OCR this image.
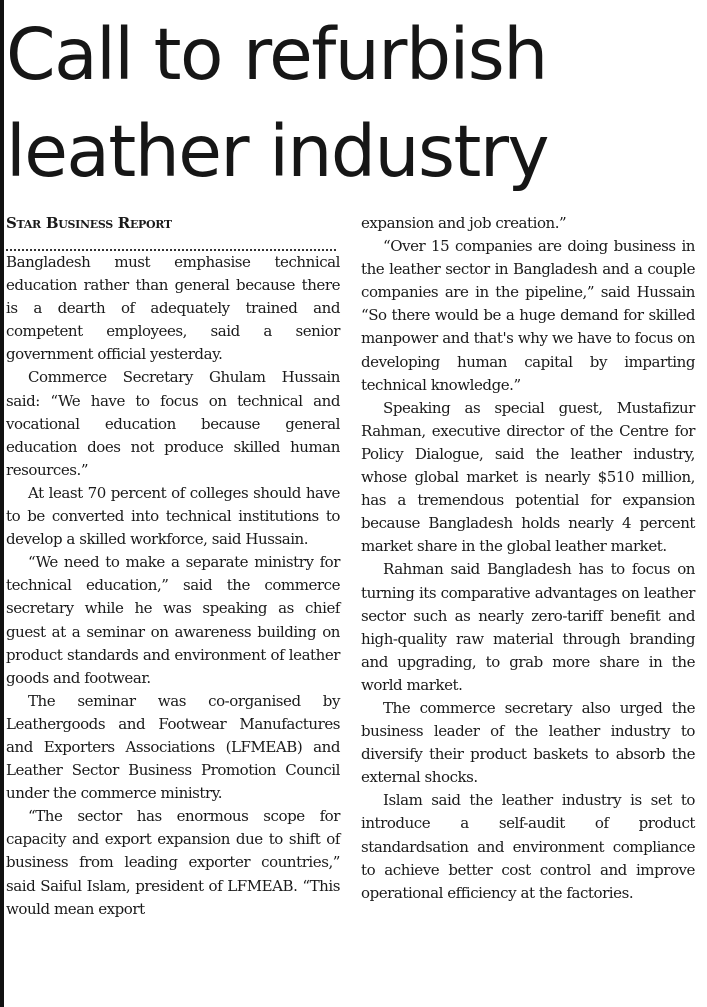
Call to refurbish
leather industry
Star Business Report

Bangladesh must emphasise technical education rather than general because there is a dearth of adequately trained and competent employees, said a senior government official yesterday.

Commerce Secretary Ghulam Hussain said: “We have to focus on technical and vocational education because general education does not produce skilled human resources.”

At least 70 percent of colleges should have to be converted into technical institutions to develop a skilled workforce, said Hussain.

“We need to make a separate ministry for technical education,” said the commerce secretary while he was speaking as chief guest at a seminar on awareness building on product standards and environment of leather goods and footwear.

The seminar was co-organised by Leathergoods and Footwear Manufactures and Exporters Associations (LFMEAB) and Leather Sector Business Promotion Council under the commerce ministry.

“The sector has enormous scope for capacity and export expansion due to shift of business from leading exporter countries,” said Saiful Islam, president of LFMEAB. “This would mean export

expansion and job creation.”

“Over 15 companies are doing business in the leather sector in Bangladesh and a couple companies are in the pipeline,” said Hussain “So there would be a huge demand for skilled manpower and that's why we have to focus on developing human capital by imparting technical knowledge.”

Speaking as special guest, Mustafizur Rahman, executive director of the Centre for Policy Dialogue, said the leather industry, whose global market is nearly $510 million, has a tremendous potential for expansion because Bangladesh holds nearly 4 percent market share in the global leather market.

Rahman said Bangladesh has to focus on turning its comparative advantages on leather sector such as nearly zero-tariff benefit and high-quality raw material through branding and upgrading, to grab more share in the world market.

The commerce secretary also urged the business leader of the leather industry to diversify their product baskets to absorb the external shocks.

Islam said the leather industry is set to introduce a self-audit of product standardsation and environment compliance to achieve better cost control and improve operational efficiency at the factories.
